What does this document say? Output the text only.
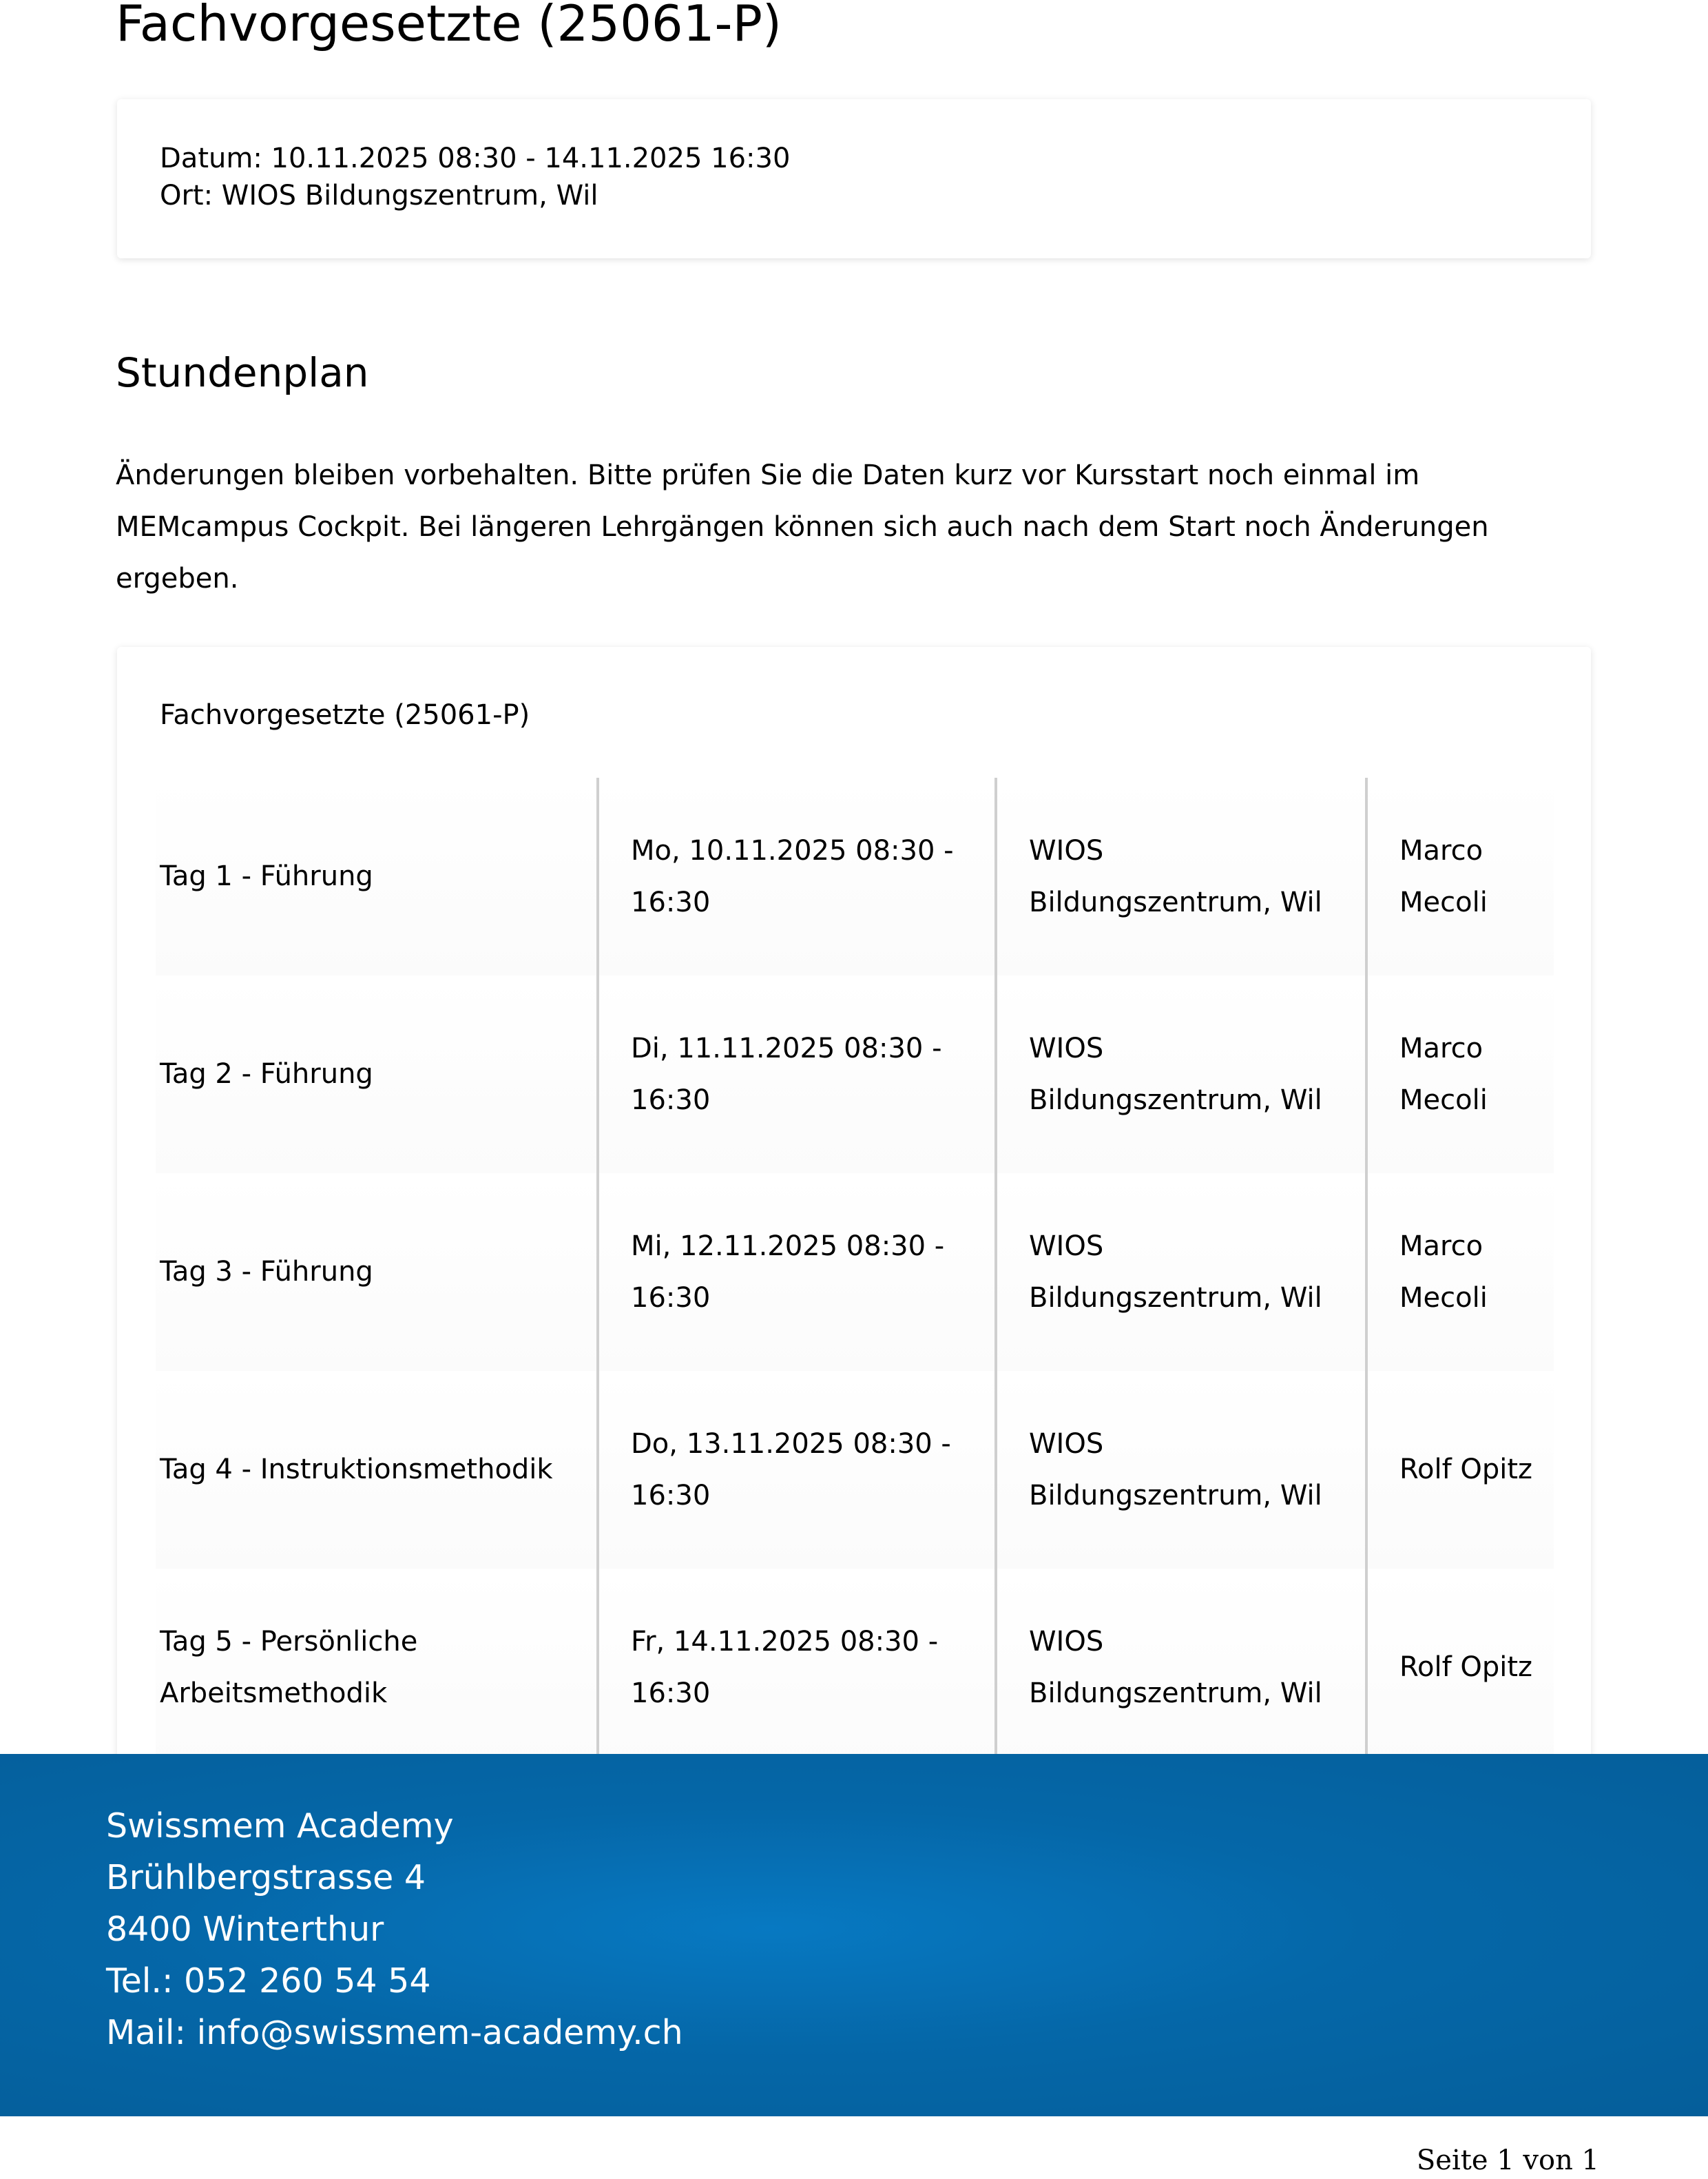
Fachvorgesetzte (25061-P)
Datum: 10.11.2025 08:30 - 14.11.2025 16:30
Ort: WIOS Bildungszentrum, Wil
Stundenplan

Änderungen bleiben vorbehalten. Bitte prüfen Sie die Daten kurz vor Kursstart noch einmal im MEMcampus Cockpit. Bei längeren Lehrgängen können sich auch nach dem Start noch Änderungen ergeben.

Fachvorgesetzte (25061-P)
Tag 1 - Führung
Mo, 10.11.2025 08:30 - 16:30
WIOS Bildungszentrum, Wil
Marco Mecoli
Tag 2 - Führung
Di, 11.11.2025 08:30 - 16:30
WIOS Bildungszentrum, Wil
Marco Mecoli
Tag 3 - Führung
Mi, 12.11.2025 08:30 - 16:30
WIOS Bildungszentrum, Wil
Marco Mecoli
Tag 4 - Instruktionsmethodik
Do, 13.11.2025 08:30 - 16:30
WIOS Bildungszentrum, Wil
Rolf Opitz
Tag 5 - Persönliche Arbeitsmethodik
Fr, 14.11.2025 08:30 - 16:30
WIOS Bildungszentrum, Wil
Rolf Opitz
Swissmem Academy
Brühlbergstrasse 4
8400 Winterthur
Tel.: 052 260 54 54
Mail: info@swissmem-academy.ch
Seite 1 von 1
